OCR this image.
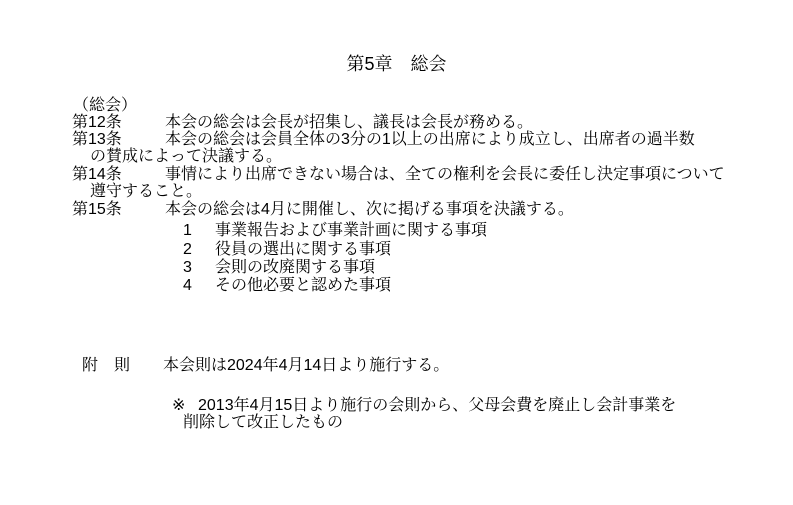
第5章　総会
（総会）
第12条	本会の総会は会長が招集し、議長は会長が務める。
第13条	本会の総会は会員全体の3分の1以上の出席により成立し、出席者の過半数
の賛成によって決議する。
第14条	事情により出席できない場合は、全ての権利を会長に委任し決定事項について
遵守すること。
第15条	本会の総会は4月に開催し、次に掲げる事項を決議する。
1 事業報告および事業計画に関する事項
2 役員の選出に関する事項
3 会則の改廃関する事項
4 その他必要と認めた事項
附　則 本会則は2024年4月14日より施行する。
※ 2013年4月15日より施行の会則から、父母会費を廃止し会計事業を
削除して改正したもの
